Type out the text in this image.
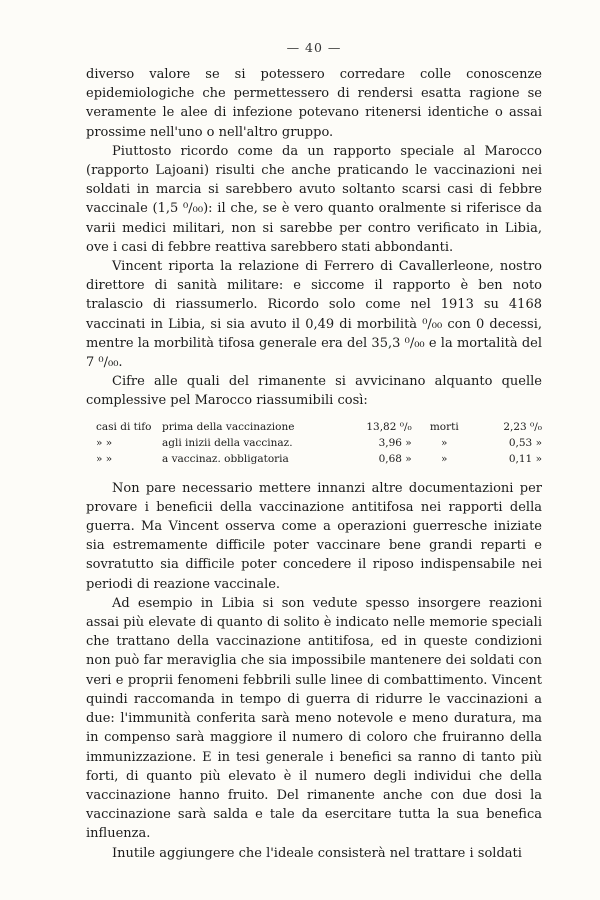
— 40 —

diverso valore se si potessero corredare colle conoscenze epidemiologiche che permettessero di rendersi esatta ragione se veramente le alee di infezione potevano ritenersi identiche o assai prossime nell'uno o nell'altro gruppo.

Piuttosto ricordo come da un rapporto speciale al Marocco (rapporto Lajoani) risulti che anche praticando le vaccinazioni nei soldati in marcia si sarebbero avuto soltanto scarsi casi di febbre vaccinale (1,5 ⁰/₀₀): il che, se è vero quanto oralmente si riferisce da varii medici militari, non si sarebbe per contro verificato in Libia, ove i casi di febbre reattiva sarebbero stati abbondanti.

Vincent riporta la relazione di Ferrero di Cavallerleone, nostro direttore di sanità militare: e siccome il rapporto è ben noto tralascio di riassumerlo. Ricordo solo come nel 1913 su 4168 vaccinati in Libia, si sia avuto il 0,49 di morbilità ⁰/₀₀ con 0 decessi, mentre la morbilità tifosa generale era del 35,3 ⁰/₀₀ e la mortalità del 7 ⁰/₀₀.

Cifre alle quali del rimanente si avvicinano alquanto quelle complessive pel Marocco riassumibili così:

casi di tifo	prima della vaccinazione	13,82 ⁰/₀	morti	2,23 ⁰/₀
» »	agli inizii della vaccinaz.	3,96 »	»	0,53 »
» »	a vaccinaz. obbligatoria	0,68 »	»	0,11 »

Non pare necessario mettere innanzi altre documentazioni per provare i beneficii della vaccinazione antitifosa nei rapporti della guerra. Ma Vincent osserva come a operazioni guerresche iniziate sia estremamente difficile poter vaccinare bene grandi reparti e sovratutto sia difficile poter concedere il riposo indispensabile nei periodi di reazione vaccinale.

Ad esempio in Libia si son vedute spesso insorgere reazioni assai più elevate di quanto di solito è indicato nelle memorie speciali che trattano della vaccinazione antitifosa, ed in queste condizioni non può far meraviglia che sia impossibile mantenere dei soldati con veri e proprii fenomeni febbrili sulle linee di combattimento. Vincent quindi raccomanda in tempo di guerra di ridurre le vaccinazioni a due: l'immunità conferita sarà meno notevole e meno duratura, ma in compenso sarà maggiore il numero di coloro che fruiranno della immunizzazione. E in tesi generale i benefici sa ranno di tanto più forti, di quanto più elevato è il numero degli individui che della vaccinazione hanno fruito. Del rimanente anche con due dosi la vaccinazione sarà salda e tale da esercitare tutta la sua benefica influenza.

Inutile aggiungere che l'ideale consisterà nel trattare i soldati
